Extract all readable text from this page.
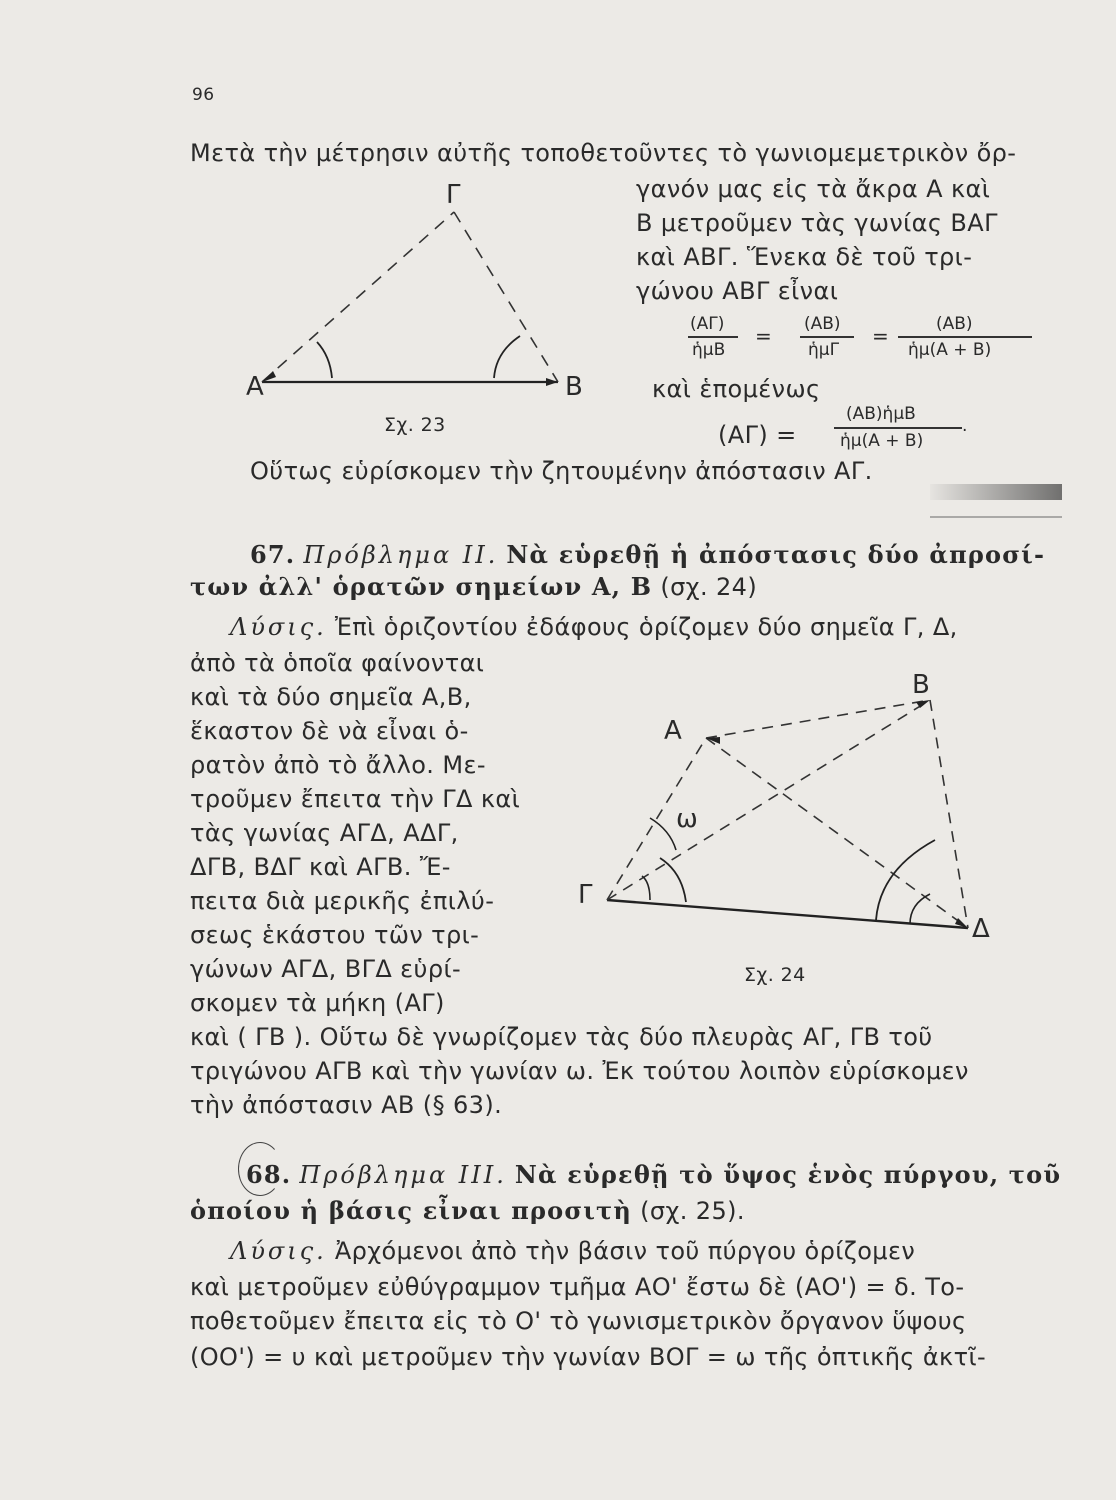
96
Μετὰ τὴν μέτρησιν αὐτῆς τοποθετοῦντες τὸ γωνιομεμετρικὸν ὄρ-
γανόν μας εἰς τὰ ἄκρα Α καὶ
Β μετροῦμεν τὰς γωνίας ΒΑΓ
καὶ ΑΒΓ. Ἕνεκα δὲ τοῦ τρι-
γώνου ΑΒΓ εἶναι
Α	Β
Γ
Σχ. 23
(ΑΓ)
ἡμΒ
= (ΑΒ)
ἡμΓ
=	(ΑΒ)
ἡμ(Α + Β)
καὶ ἑπομένως
(ΑΓ) =
(ΑΒ)ἡμΒ
ἡμ(Α + Β)
.
Οὕτως εὑρίσκομεν τὴν ζητουμένην ἀπόστασιν ΑΓ.
67. Πρόβλημα ΙΙ. Νὰ εὑρεθῇ ἡ ἀπόστασις δύο ἀπροσί-
των ἀλλ' ὁρατῶν σημείων Α, Β (σχ. 24)
Λύσις. Ἐπὶ ὁριζοντίου ἐδάφους ὁρίζομεν δύο σημεῖα Γ, Δ,
ἀπὸ τὰ ὁποῖα φαίνονται
καὶ τὰ δύο σημεῖα Α,Β,
ἕκαστον δὲ νὰ εἶναι ὁ-
ρατὸν ἀπὸ τὸ ἄλλο. Με-
τροῦμεν ἔπειτα τὴν ΓΔ καὶ
τὰς γωνίας ΑΓΔ, ΑΔΓ,
ΔΓΒ, ΒΔΓ καὶ ΑΓΒ. Ἔ-
πειτα διὰ μερικῆς ἐπιλύ-
σεως ἑκάστου τῶν τρι-
γώνων ΑΓΔ, ΒΓΔ εὑρί-
σκομεν τὰ μήκη (ΑΓ)
Α
Β
Γ
Δ
ω
Σχ. 24
καὶ ( ΓΒ ). Οὕτω δὲ γνωρίζομεν τὰς δύο πλευρὰς ΑΓ, ΓΒ τοῦ
τριγώνου ΑΓΒ καὶ τὴν γωνίαν ω. Ἐκ τούτου λοιπὸν εὑρίσκομεν
τὴν ἀπόστασιν ΑΒ (§ 63).
68. Πρόβλημα ΙΙΙ. Νὰ εὑρεθῇ τὸ ὕψος ἑνὸς πύργου, τοῦ
ὁποίου ἡ βάσις εἶναι προσιτὴ (σχ. 25).
Λύσις. Ἀρχόμενοι ἀπὸ τὴν βάσιν τοῦ πύργου ὁρίζομεν
καὶ μετροῦμεν εὐθύγραμμον τμῆμα ΑΟ' ἔστω δὲ (ΑΟ') = δ. Το-
ποθετοῦμεν ἔπειτα εἰς τὸ Ο' τὸ γωνισμετρικὸν ὄργανον ὕψους
(ΟΟ') = υ καὶ μετροῦμεν τὴν γωνίαν ΒΟΓ = ω τῆς ὀπτικῆς ἀκτῖ-
